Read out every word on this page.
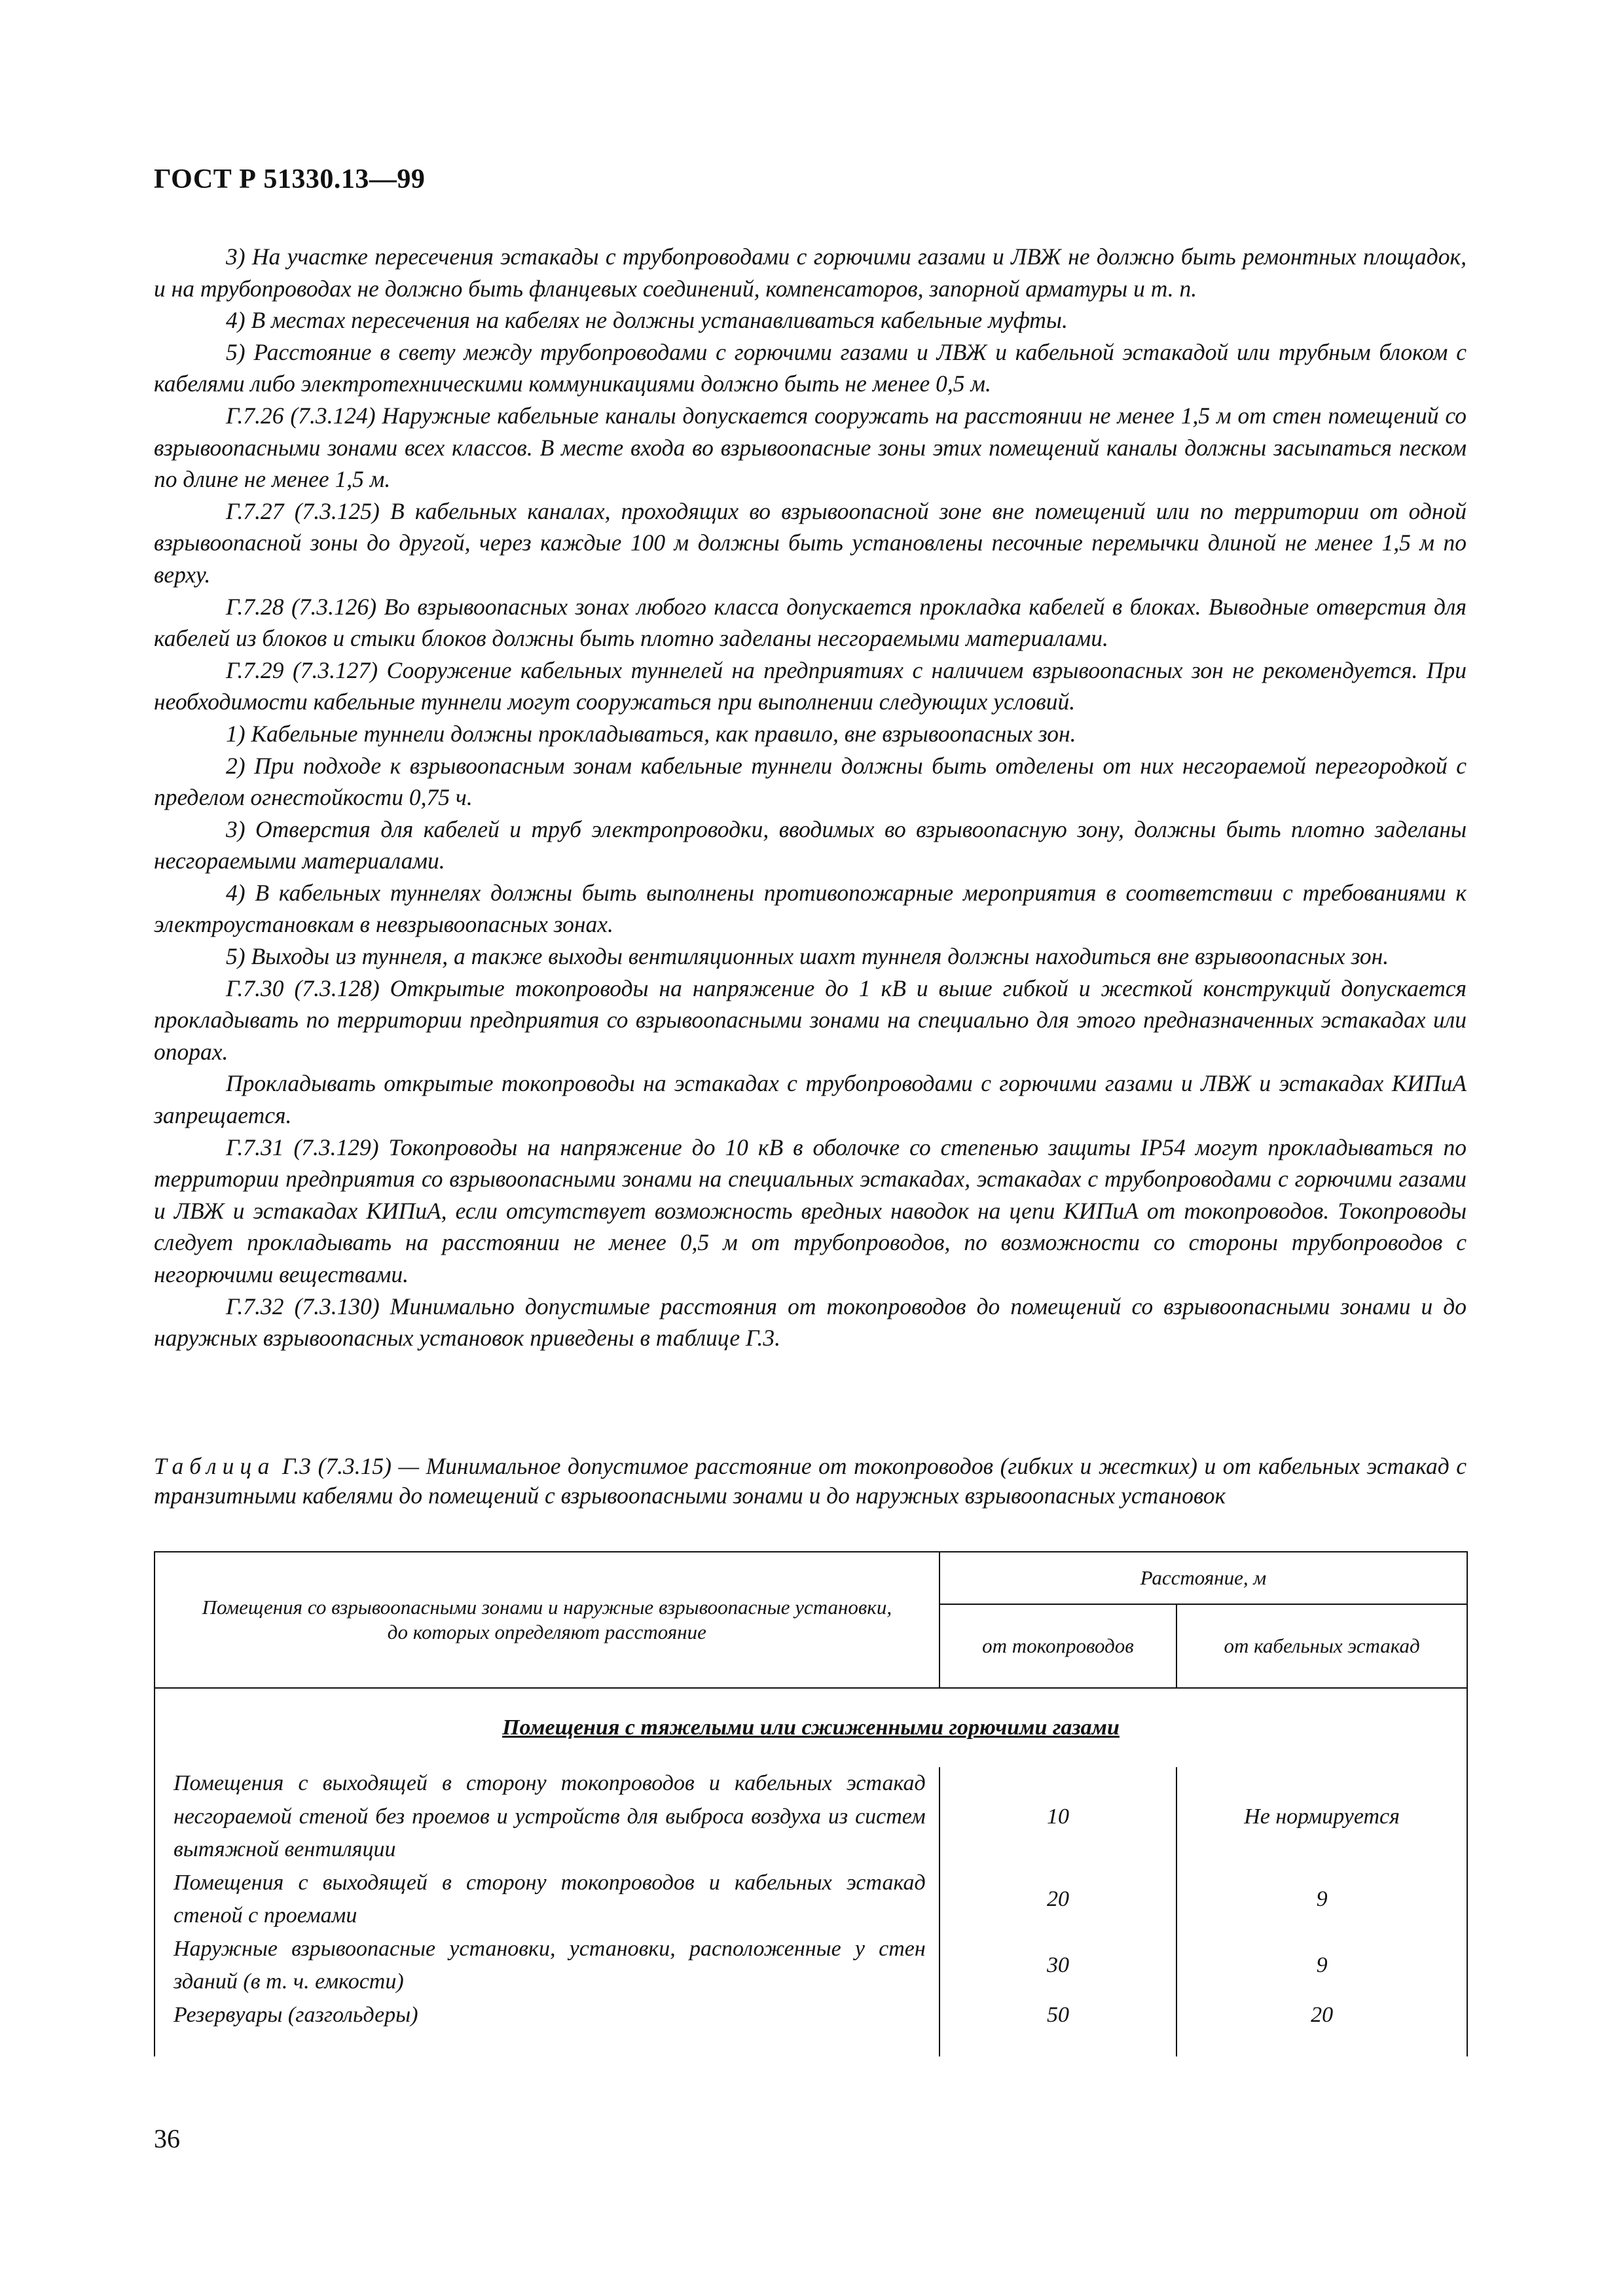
ГОСТ Р 51330.13—99

3) На участке пересечения эстакады с трубопроводами с горючими газами и ЛВЖ не должно быть ремонтных площадок, и на трубопроводах не должно быть фланцевых соединений, компенсаторов, запорной арматуры и т. п.

4) В местах пересечения на кабелях не должны устанавливаться кабельные муфты.

5) Расстояние в свету между трубопроводами с горючими газами и ЛВЖ и кабельной эстакадой или трубным блоком с кабелями либо электротехническими коммуникациями должно быть не менее 0,5 м.

Г.7.26 (7.3.124) Наружные кабельные каналы допускается сооружать на расстоянии не менее 1,5 м от стен помещений со взрывоопасными зонами всех классов. В месте входа во взрывоопасные зоны этих помещений каналы должны засыпаться песком по длине не менее 1,5 м.

Г.7.27 (7.3.125) В кабельных каналах, проходящих во взрывоопасной зоне вне помещений или по территории от одной взрывоопасной зоны до другой, через каждые 100 м должны быть установлены песочные перемычки длиной не менее 1,5 м по верху.

Г.7.28 (7.3.126) Во взрывоопасных зонах любого класса допускается прокладка кабелей в блоках. Выводные отверстия для кабелей из блоков и стыки блоков должны быть плотно заделаны несгораемыми материалами.

Г.7.29 (7.3.127) Сооружение кабельных туннелей на предприятиях с наличием взрывоопасных зон не рекомендуется. При необходимости кабельные туннели могут сооружаться при выполнении следующих условий.

1) Кабельные туннели должны прокладываться, как правило, вне взрывоопасных зон.

2) При подходе к взрывоопасным зонам кабельные туннели должны быть отделены от них несгораемой перегородкой с пределом огнестойкости 0,75 ч.

3) Отверстия для кабелей и труб электропроводки, вводимых во взрывоопасную зону, должны быть плотно заделаны несгораемыми материалами.

4) В кабельных туннелях должны быть выполнены противопожарные мероприятия в соответствии с требованиями к электроустановкам в невзрывоопасных зонах.

5) Выходы из туннеля, а также выходы вентиляционных шахт туннеля должны находиться вне взрывоопасных зон.

Г.7.30 (7.3.128) Открытые токопроводы на напряжение до 1 кВ и выше гибкой и жесткой конструкций допускается прокладывать по территории предприятия со взрывоопасными зонами на специально для этого предназначенных эстакадах или опорах.

Прокладывать открытые токопроводы на эстакадах с трубопроводами с горючими газами и ЛВЖ и эстакадах КИПиА запрещается.

Г.7.31 (7.3.129) Токопроводы на напряжение до 10 кВ в оболочке со степенью защиты IP54 могут прокладываться по территории предприятия со взрывоопасными зонами на специальных эстакадах, эстакадах с трубопроводами с горючими газами и ЛВЖ и эстакадах КИПиА, если отсутствует возможность вредных наводок на цепи КИПиА от токопроводов. Токопроводы следует прокладывать на расстоянии не менее 0,5 м от трубопроводов, по возможности со стороны трубопроводов с негорючими веществами.

Г.7.32 (7.3.130) Минимально допустимые расстояния от токопроводов до помещений со взрывоопасными зонами и до наружных взрывоопасных установок приведены в таблице Г.3.

Таблица Г.3 (7.3.15) — Минимальное допустимое расстояние от токопроводов (гибких и жестких) и от кабельных эстакад с транзитными кабелями до помещений с взрывоопасными зонами и до наружных взрывоопасных установок
Помещения со взрывоопасными зонами и наружные взрывоопасные установки, до которых определяют расстояние	Расстояние, м	
	от токопроводов	от кабельных эстакад
Помещения с тяжелыми или сжиженными горючими газами		
Помещения с выходящей в сторону токопроводов и кабельных эстакад несгораемой стеной без проемов и устройств для выброса воздуха из систем вытяжной вентиляции	10	Не нормируется
Помещения с выходящей в сторону токопроводов и кабельных эстакад стеной с проемами	20	9
Наружные взрывоопасные установки, установки, расположенные у стен зданий (в т. ч. емкости)	30	9
Резервуары (газгольдеры)	50	20
36
